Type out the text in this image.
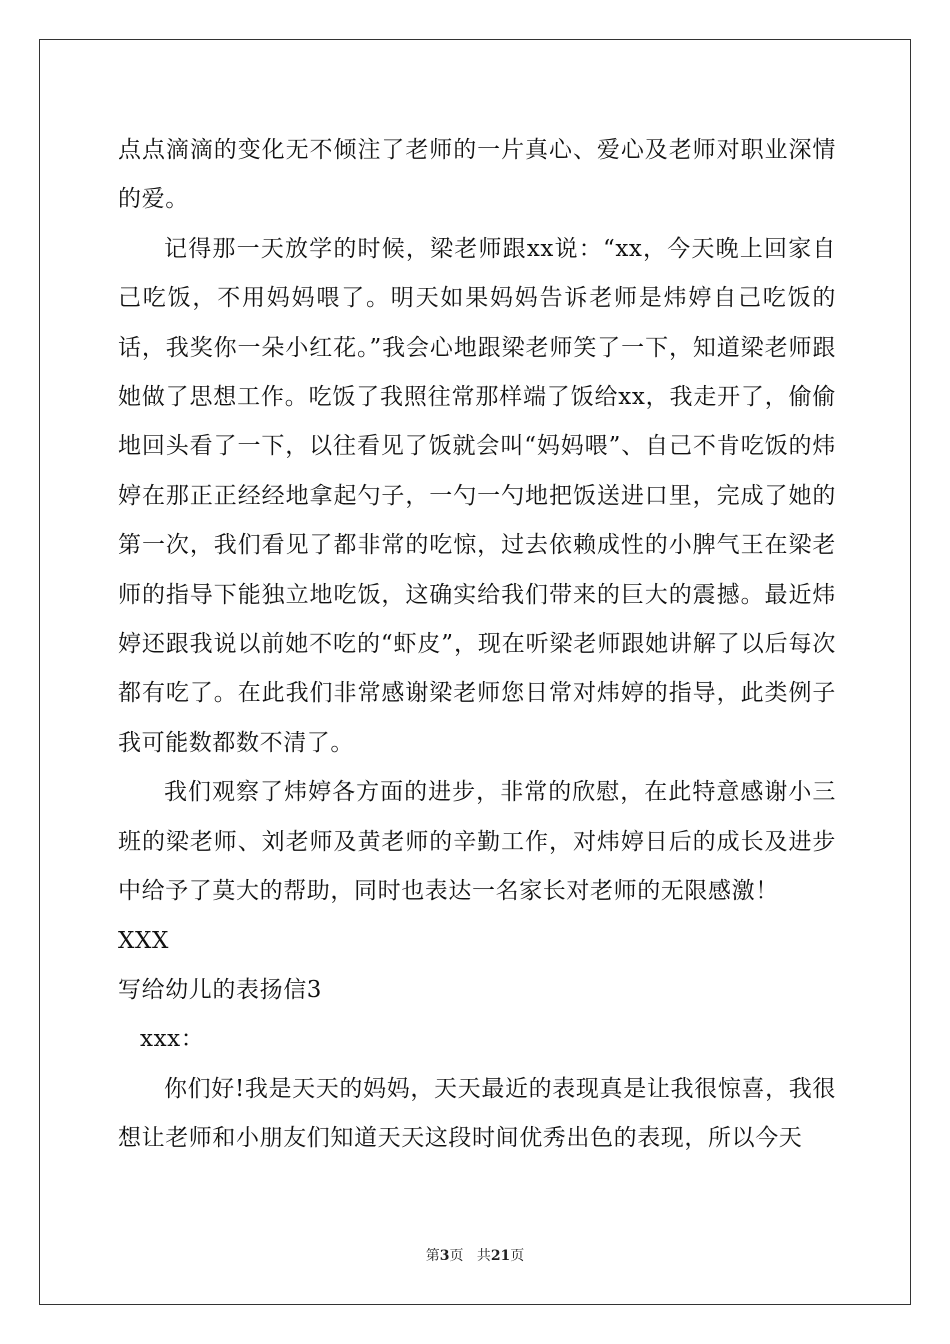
点点滴滴的变化无不倾注了老师的一片真心、爱心及老师对职业深情的爱。

记得那一天放学的时候，梁老师跟xx说：“xx，今天晚上回家自己吃饭，不用妈妈喂了。明天如果妈妈告诉老师是炜婷自己吃饭的话，我奖你一朵小红花。”我会心地跟梁老师笑了一下，知道梁老师跟她做了思想工作。吃饭了我照往常那样端了饭给xx，我走开了，偷偷地回头看了一下，以往看见了饭就会叫“妈妈喂”、自己不肯吃饭的炜婷在那正正经经地拿起勺子，一勺一勺地把饭送进口里，完成了她的第一次，我们看见了都非常的吃惊，过去依赖成性的小脾气王在梁老师的指导下能独立地吃饭，这确实给我们带来的巨大的震撼。最近炜婷还跟我说以前她不吃的“虾皮”，现在听梁老师跟她讲解了以后每次都有吃了。在此我们非常感谢梁老师您日常对炜婷的指导，此类例子我可能数都数不清了。

我们观察了炜婷各方面的进步，非常的欣慰，在此特意感谢小三班的梁老师、刘老师及黄老师的辛勤工作，对炜婷日后的成长及进步中给予了莫大的帮助，同时也表达一名家长对老师的无限感激！

XXX

写给幼儿的表扬信3

xxx：

你们好!我是天天的妈妈，天天最近的表现真是让我很惊喜，我很想让老师和小朋友们知道天天这段时间优秀出色的表现，所以今天

第3页 共21页
